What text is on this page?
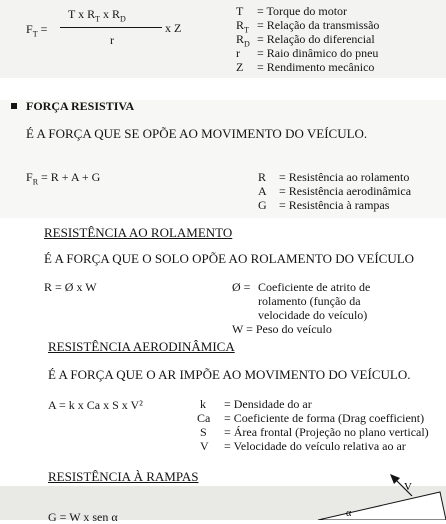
$F_T$ =
T x $R_T$ x $R_D$
r
x Z
T = Torque do motor
$R_T$ = Relação da transmissão
$R_D$ = Relação do diferencial
r = Raio dinâmico do pneu
Z = Rendimento mecânico
FORÇA RESISTIVA
É A FORÇA QUE SE OPÕE AO MOVIMENTO DO VEÍCULO.
$F_R = R + A + G$	R = Resistência ao rolamento
A = Resistência aerodinâmica
G = Resistência à rampas
RESISTÊNCIA AO ROLAMENTO
É A FORÇA QUE O SOLO OPÕE AO ROLAMENTO DO VEÍCULO
R = Ø x W	Ø = Coeficiente de atrito de
rolamento (função da
velocidade do veículo)
W = Peso do veículo
RESISTÊNCIA AERODINÂMICA
É A FORÇA QUE O AR IMPÕE AO MOVIMENTO DO VEÍCULO.
A = k x Ca x S x V²	k = Densidade do ar
Ca = Coeficiente de forma (Drag coefficient)
S = Área frontal (Projeção no plano vertical)
V = Velocidade do veículo relativa ao ar
RESISTÊNCIA À RAMPAS
G = W x sen α
V
α
